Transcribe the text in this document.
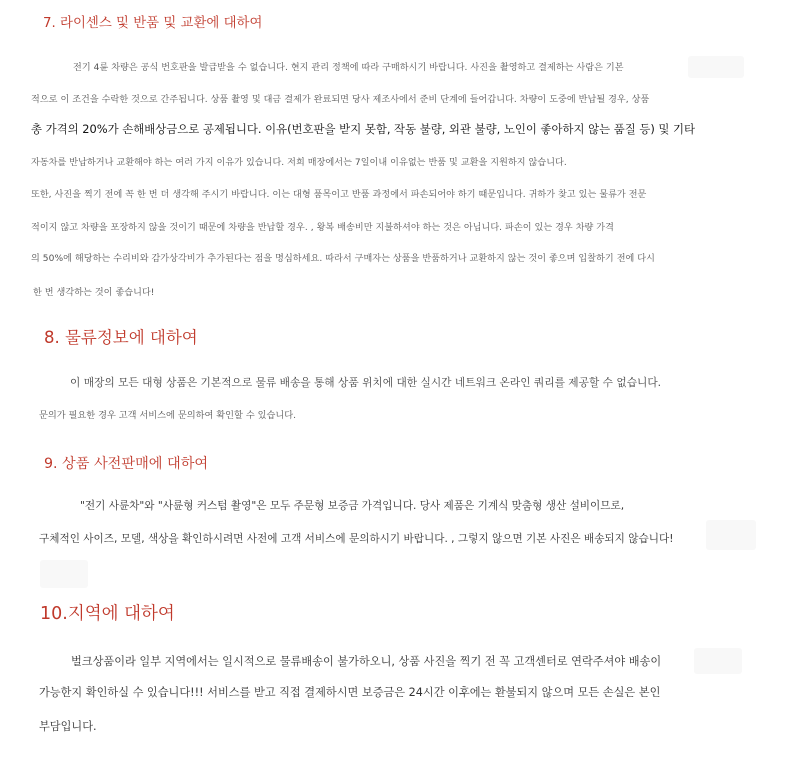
7. 라이센스 및 반품 및 교환에 대하여
전기 4륜 차량은 공식 번호판을 발급받을 수 없습니다. 현지 관리 정책에 따라 구매하시기 바랍니다. 사진을 촬영하고 결제하는 사람은 기본
적으로 이 조건을 수락한 것으로 간주됩니다. 상품 촬영 및 대금 결제가 완료되면 당사 제조사에서 준비 단계에 들어갑니다. 차량이 도중에 반납될 경우, 상품
총 가격의 20%가 손해배상금으로 공제됩니다. 이유(번호판을 받지 못함, 작동 불량, 외관 불량, 노인이 좋아하지 않는 품질 등) 및 기타
자동차를 반납하거나 교환해야 하는 여러 가지 이유가 있습니다. 저희 매장에서는 7일이내 이유없는 반품 및 교환을 지원하지 않습니다.
또한, 사진을 찍기 전에 꼭 한 번 더 생각해 주시기 바랍니다. 이는 대형 품목이고 반품 과정에서 파손되어야 하기 때문입니다. 귀하가 찾고 있는 물류가 전문
적이지 않고 차량을 포장하지 않을 것이기 때문에 차량을 반납할 경우. , 왕복 배송비만 지불하셔야 하는 것은 아닙니다. 파손이 있는 경우 차량 가격
의 50%에 해당하는 수리비와 감가상각비가 추가된다는 점을 명심하세요. 따라서 구매자는 상품을 반품하거나 교환하지 않는 것이 좋으며 입찰하기 전에 다시
한 번 생각하는 것이 좋습니다!
8. 물류정보에 대하여
이 매장의 모든 대형 상품은 기본적으로 물류 배송을 통해 상품 위치에 대한 실시간 네트워크 온라인 쿼리를 제공할 수 없습니다.
문의가 필요한 경우 고객 서비스에 문의하여 확인할 수 있습니다.
9. 상품 사전판매에 대하여
"전기 사륜차"와 "사륜형 커스텀 촬영"은 모두 주문형 보증금 가격입니다. 당사 제품은 기계식 맞춤형 생산 설비이므로,
구체적인 사이즈, 모델, 색상을 확인하시려면 사전에 고객 서비스에 문의하시기 바랍니다. , 그렇지 않으면 기본 사진은 배송되지 않습니다!
10.지역에 대하여
벌크상품이라 일부 지역에서는 일시적으로 물류배송이 불가하오니, 상품 사진을 찍기 전 꼭 고객센터로 연락주셔야 배송이
가능한지 확인하실 수 있습니다!!! 서비스를 받고 직접 결제하시면 보증금은 24시간 이후에는 환불되지 않으며 모든 손실은 본인
부담입니다.
